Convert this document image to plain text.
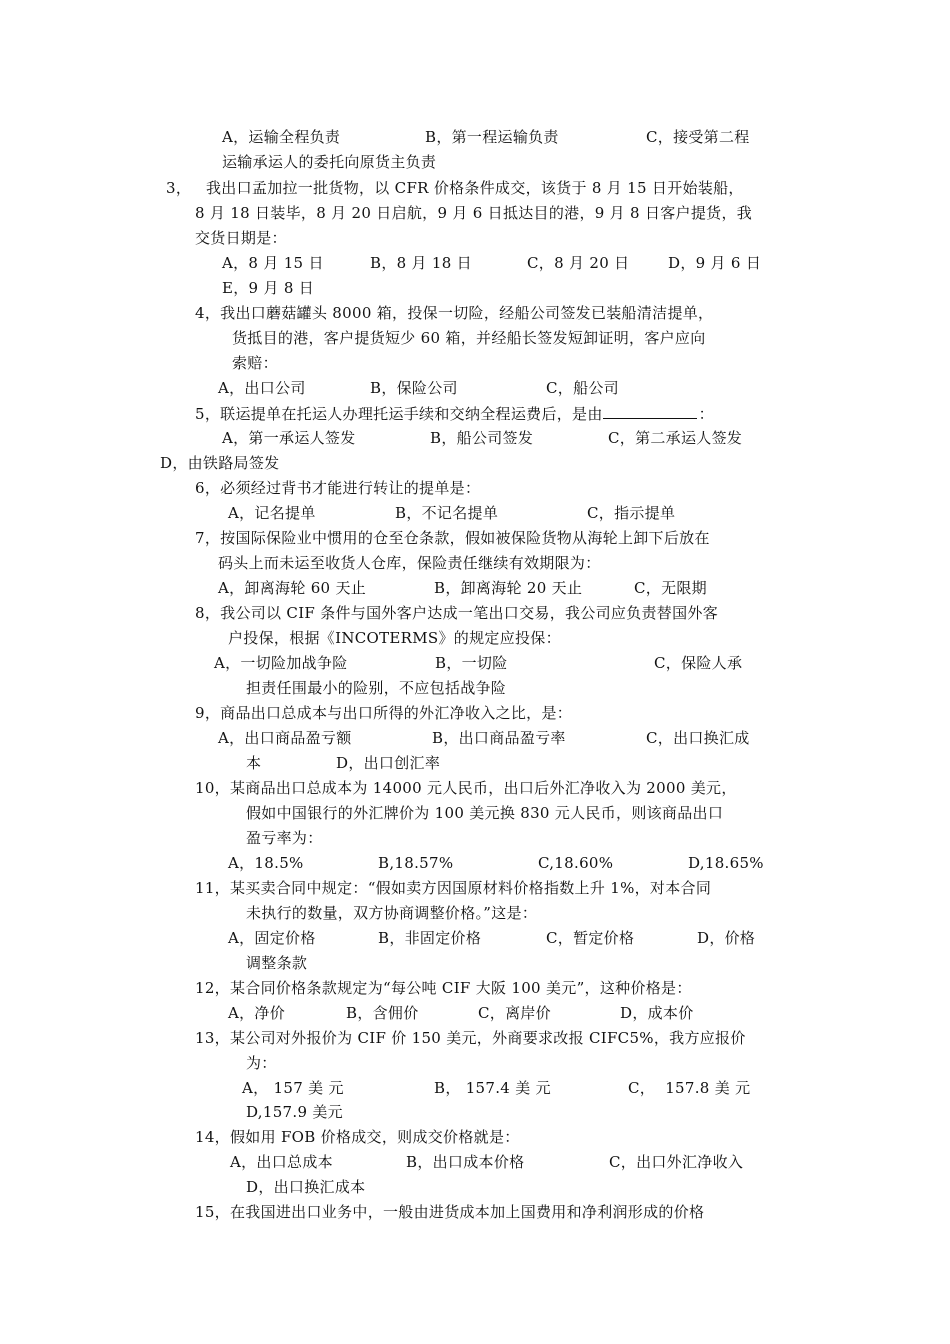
A，运输全程负责	B，第一程运输负责	C，接受第二程
运输承运人的委托向原货主负责
3， 我出口孟加拉一批货物，以 CFR 价格条件成交，该货于 8 月 15 日开始装船，
8 月 18 日装毕，8 月 20 日启航，9 月 6 日抵达目的港，9 月 8 日客户提货，我
交货日期是：
A，8 月 15 日	B，8 月 18 日	C，8 月 20 日	D，9 月 6 日
E，9 月 8 日
4，我出口蘑菇罐头 8000 箱，投保一切险，经船公司签发已装船清洁提单，
货抵目的港，客户提货短少 60 箱，并经船长签发短卸证明，客户应向
索赔：
A，出口公司	B，保险公司	C，船公司
5，联运提单在托运人办理托运手续和交纳全程运费后，是由	：
A，第一承运人签发	B，船公司签发	C，第二承运人签发
D，由铁路局签发
6，必须经过背书才能进行转让的提单是：
A，记名提单	B，不记名提单	C，指示提单
7，按国际保险业中惯用的仓至仓条款，假如被保险货物从海轮上卸下后放在
码头上而未运至收货人仓库，保险责任继续有效期限为：
A，卸离海轮 60 天止	B，卸离海轮 20 天止	C，无限期
8，我公司以 CIF 条件与国外客户达成一笔出口交易，我公司应负责替国外客
户投保，根据《INCOTERMS》的规定应投保：
A，一切险加战争险	B，一切险	C，保险人承
担责任围最小的险别，不应包括战争险
9，商品出口总成本与出口所得的外汇净收入之比，是：
A，出口商品盈亏额	B，出口商品盈亏率	C，出口换汇成
本	D，出口创汇率
10，某商品出口总成本为 14000 元人民币，出口后外汇净收入为 2000 美元，
假如中国银行的外汇牌价为 100 美元换 830 元人民币，则该商品出口
盈亏率为：
A，18.5%	B,18.57%	C,18.60%	D,18.65%
11，某买卖合同中规定：“假如卖方因国原材料价格指数上升 1%，对本合同
未执行的数量，双方协商调整价格。”这是：
A，固定价格	B，非固定价格	C，暂定价格	D，价格
调整条款
12，某合同价格条款规定为“每公吨 CIF 大阪 100 美元”，这种价格是：
A，净价	B，含佣价	C，离岸价	D，成本价
13，某公司对外报价为 CIF 价 150 美元，外商要求改报 CIFC5%，我方应报价
为：
A， 157 美 元	B， 157.4 美 元	C，  157.8 美 元
D,157.9 美元
14，假如用 FOB 价格成交，则成交价格就是：
A，出口总成本	B，出口成本价格	C，出口外汇净收入
D，出口换汇成本
15，在我国进出口业务中，一般由进货成本加上国费用和净利润形成的价格
